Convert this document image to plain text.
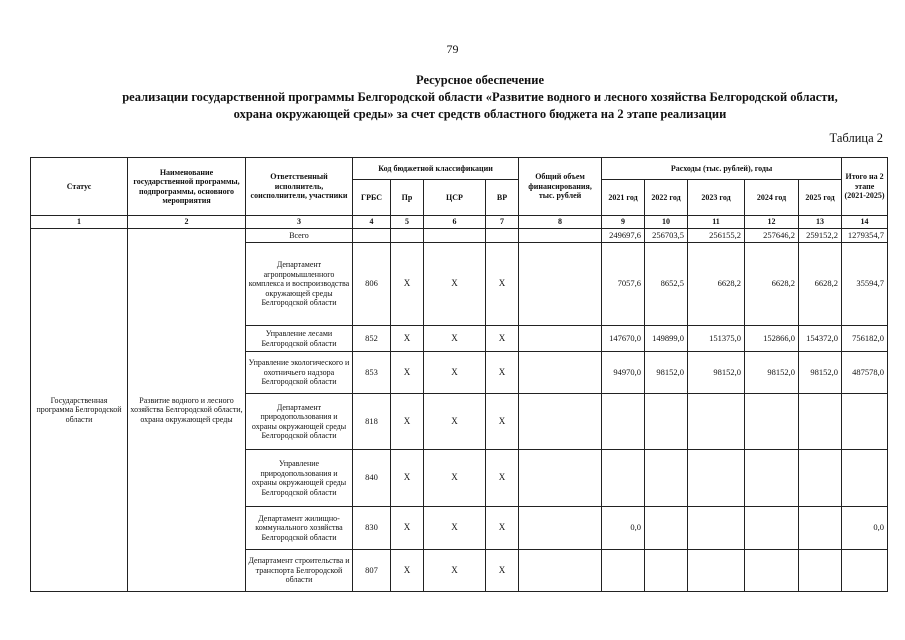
79
Ресурсное обеспечение
реализации государственной программы Белгородской области «Развитие водного и лесного хозяйства Белгородской области,
охрана окружающей среды» за счет средств областного бюджета на 2 этапе реализации
Таблица 2
Статус	Наименование государственной программы, подпрограммы, основного мероприятия	Ответственный исполнитель, соисполнители, участники	Код бюджетной классификации				Общий объем финансирования, тыс. рублей	Расходы (тыс. рублей), годы					Итого на 2 этапе (2021-2025)
			ГРБС	Пр	ЦСР	ВР		2021 год	2022 год	2023 год	2024 год	2025 год	
1	2	3	4	5	6	7	8	9	10	11	12	13	14
Государственная программа Белгородской области	Развитие водного и лесного хозяйства Белгородской области, охрана окружающей среды	Всего						249697,6	256703,5	256155,2	257646,2	259152,2	1279354,7
		Департамент агропромышленного комплекса и воспроизводства окружающей среды Белгородской области	806	Х	Х	Х		7057,6	8652,5	6628,2	6628,2	6628,2	35594,7
		Управление лесами Белгородской области	852	Х	Х	Х		147670,0	149899,0	151375,0	152866,0	154372,0	756182,0
		Управление экологического и охотничьего надзора Белгородской области	853	Х	Х	Х		94970,0	98152,0	98152,0	98152,0	98152,0	487578,0
		Департамент природопользования и охраны окружающей среды Белгородской области	818	Х	Х	Х							
		Управление природопользования и охраны окружающей среды Белгородской области	840	Х	Х	Х							
		Департамент жилищно-коммунального хозяйства Белгородской области	830	Х	Х	Х		0,0					0,0
		Департамент строительства и транспорта Белгородской области	807	Х	Х	Х							
